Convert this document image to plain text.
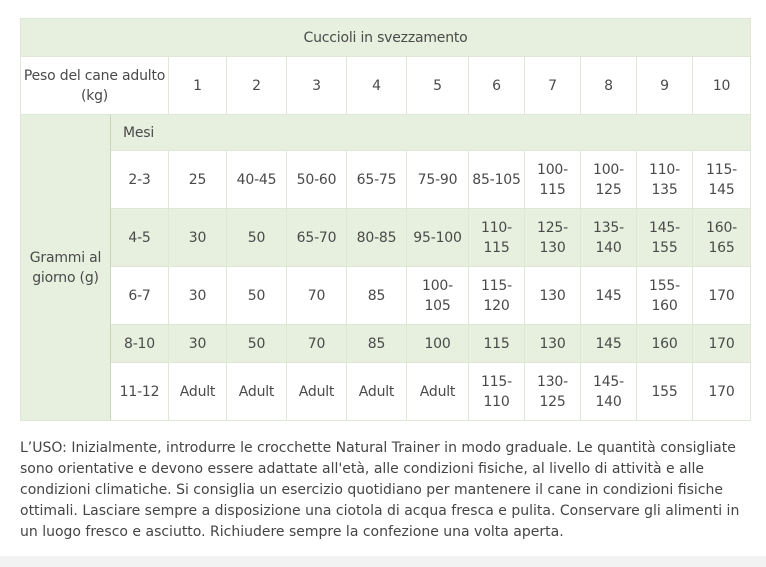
Cuccioli in svezzamento											
Peso del cane adulto (kg)		1	2	3	4	5	6	7	8	9	10
Grammi al giorno (g)	Mesi										
	2-3	25	40-45	50-60	65-75	75-90	85-105	100-115	100-125	110-135	115-145
	4-5	30	50	65-70	80-85	95-100	110-115	125-130	135-140	145-155	160-165
	6-7	30	50	70	85	100-105	115-120	130	145	155-160	170
	8-10	30	50	70	85	100	115	130	145	160	170
	11-12	Adult	Adult	Adult	Adult	Adult	115-110	130-125	145-140	155	170

L’USO: Inizialmente, introdurre le crocchette Natural Trainer in modo graduale. Le quantità consigliate sono orientative e devono essere adattate all'età, alle condizioni fisiche, al livello di attività e alle condizioni climatiche. Si consiglia un esercizio quotidiano per mantenere il cane in condizioni fisiche ottimali. Lasciare sempre a disposizione una ciotola di acqua fresca e pulita. Conservare gli alimenti in un luogo fresco e asciutto. Richiudere sempre la confezione una volta aperta.
